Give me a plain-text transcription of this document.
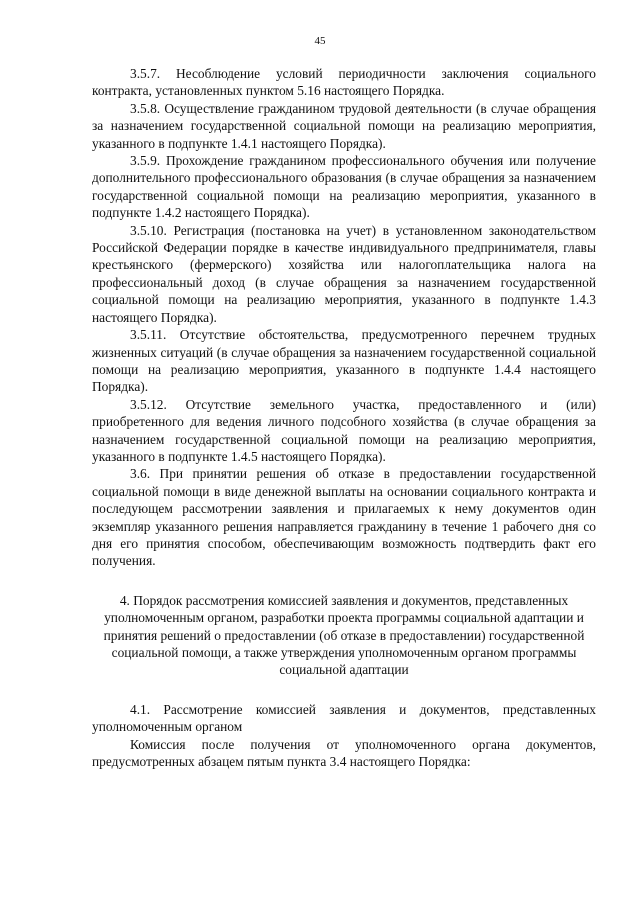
45

3.5.7. Несоблюдение условий периодичности заключения социального контракта, установленных пунктом 5.16 настоящего Порядка.

3.5.8. Осуществление гражданином трудовой деятельности (в случае обращения за назначением государственной социальной помощи на реализацию мероприятия, указанного в подпункте 1.4.1 настоящего Порядка).

3.5.9. Прохождение гражданином профессионального обучения или получение дополнительного профессионального образования (в случае обращения за назначением государственной социальной помощи на реализацию мероприятия, указанного в подпункте 1.4.2 настоящего Порядка).

3.5.10. Регистрация (постановка на учет) в установленном законодательством Российской Федерации порядке в качестве индивидуального предпринимателя, главы крестьянского (фермерского) хозяйства или налогоплательщика налога на профессиональный доход (в случае обращения за назначением государственной социальной помощи на реализацию мероприятия, указанного в подпункте 1.4.3 настоящего Порядка).

3.5.11. Отсутствие обстоятельства, предусмотренного перечнем трудных жизненных ситуаций (в случае обращения за назначением государственной социальной помощи на реализацию мероприятия, указанного в подпункте 1.4.4 настоящего Порядка).

3.5.12. Отсутствие земельного участка, предоставленного и (или) приобретенного для ведения личного подсобного хозяйства (в случае обращения за назначением государственной социальной помощи на реализацию мероприятия, указанного в подпункте 1.4.5 настоящего Порядка).

3.6. При принятии решения об отказе в предоставлении государственной социальной помощи в виде денежной выплаты на основании социального контракта и последующем рассмотрении заявления и прилагаемых к нему документов один экземпляр указанного решения направляется гражданину в течение 1 рабочего дня со дня его принятия способом, обеспечивающим возможность подтвердить факт его получения.

4. Порядок рассмотрения комиссией заявления и документов, представленных уполномоченным органом, разработки проекта программы социальной адаптации и принятия решений о предоставлении (об отказе в предоставлении) государственной социальной помощи, а также утверждения уполномоченным органом программы социальной адаптации

4.1. Рассмотрение комиссией заявления и документов, представленных уполномоченным органом

Комиссия после получения от уполномоченного органа документов, предусмотренных абзацем пятым пункта 3.4 настоящего Порядка:
